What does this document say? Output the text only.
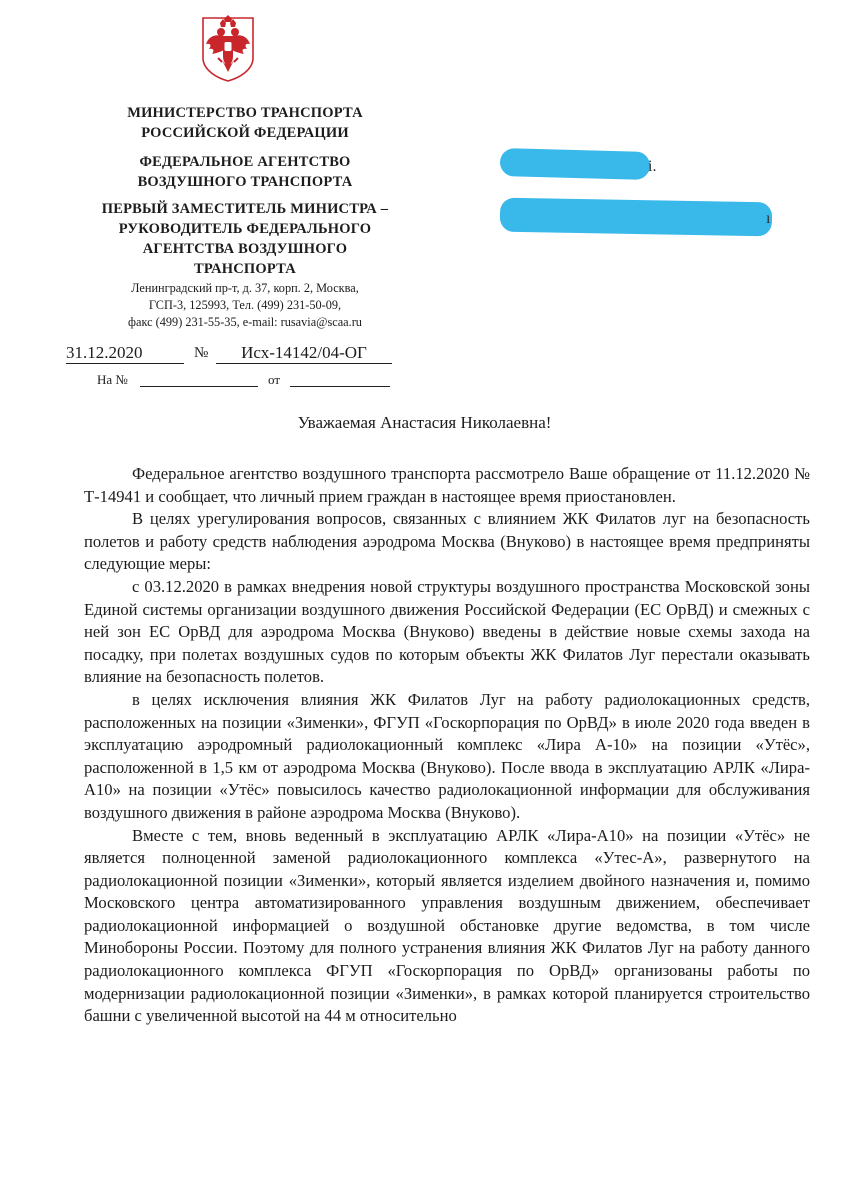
МИНИСТЕРСТВО ТРАНСПОРТА
РОССИЙСКОЙ ФЕДЕРАЦИИ
ФЕДЕРАЛЬНОЕ АГЕНТСТВО
ВОЗДУШНОГО ТРАНСПОРТА
ПЕРВЫЙ ЗАМЕСТИТЕЛЬ МИНИСТРА –
РУКОВОДИТЕЛЬ ФЕДЕРАЛЬНОГО
АГЕНТСТВА ВОЗДУШНОГО
ТРАНСПОРТА
Ленинградский пр-т, д. 37, корп. 2, Москва,
ГСП-3, 125993, Тел. (499) 231-50-09,
факс (499) 231-55-35, e-mail: rusavia@scaa.ru
31.12.2020	№	Исх-14142/04-ОГ
На №	от
і.
ı
Уважаемая Анастасия Николаевна!

Федеральное агентство воздушного транспорта рассмотрело Ваше обращение от 11.12.2020 № Т-14941 и сообщает, что личный прием граждан в настоящее время приостановлен.

В целях урегулирования вопросов, связанных с влиянием ЖК Филатов луг на безопасность полетов и работу средств наблюдения аэродрома Москва (Внуково) в настоящее время предприняты следующие меры:

с 03.12.2020 в рамках внедрения новой структуры воздушного пространства Московской зоны Единой системы организации воздушного движения Российской Федерации (ЕС ОрВД) и смежных с ней зон ЕС ОрВД для аэродрома Москва (Внуково) введены в действие новые схемы захода на посадку, при полетах воздушных судов по которым объекты ЖК Филатов Луг перестали оказывать влияние на безопасность полетов.

в целях исключения влияния ЖК Филатов Луг на работу радиолокационных средств, расположенных на позиции «Зименки», ФГУП «Госкорпорация по ОрВД» в июле 2020 года введен в эксплуатацию аэродромный радиолокационный комплекс «Лира А-10» на позиции «Утёс», расположенной в 1,5 км от аэродрома Москва (Внуково). После ввода в эксплуатацию АРЛК «Лира-А10» на позиции «Утёс» повысилось качество радиолокационной информации для обслуживания воздушного движения в районе аэродрома Москва (Внуково).

Вместе с тем, вновь веденный в эксплуатацию АРЛК «Лира-А10» на позиции «Утёс» не является полноценной заменой радиолокационного комплекса «Утес-А», развернутого на радиолокационной позиции «Зименки», который является изделием двойного назначения и, помимо Московского центра автоматизированного управления воздушным движением, обеспечивает радиолокационной информацией о воздушной обстановке другие ведомства, в том числе Минобороны России. Поэтому для полного устранения влияния ЖК Филатов Луг на работу данного радиолокационного комплекса ФГУП «Госкорпорация по ОрВД» организованы работы по модернизации радиолокационной позиции «Зименки», в рамках которой планируется строительство башни с увеличенной высотой на 44 м относительно
